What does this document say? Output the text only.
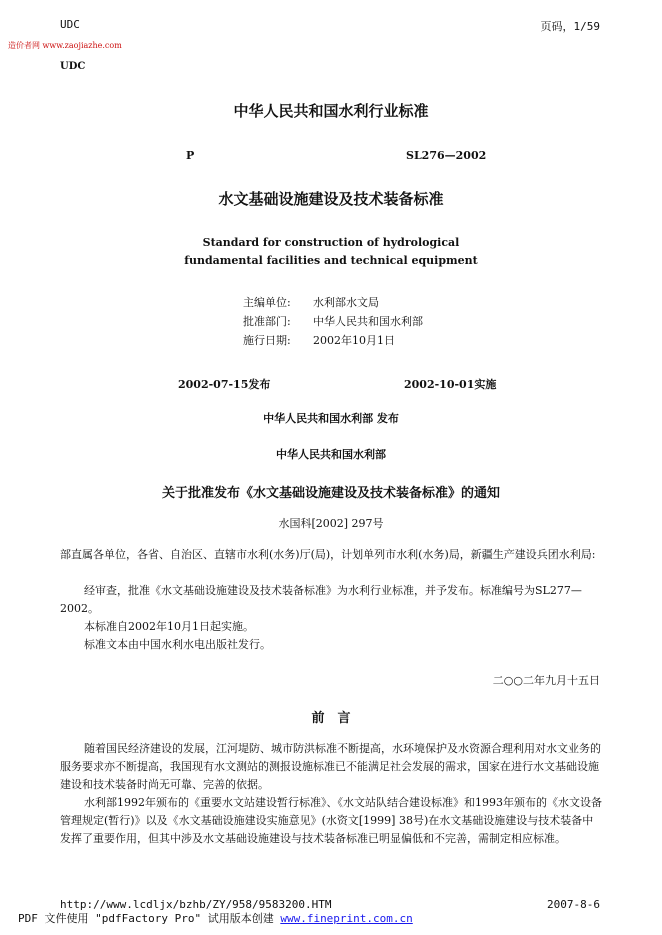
UDC	页码，1/59
造价者网 www.zaojiazhe.com
UDC
中华人民共和国水利行业标准
P	SL276—2002
水文基础设施建设及技术装备标准
Standard for construction of hydrological
fundamental facilities and technical equipment
主编单位: 水利部水文局
批准部门: 中华人民共和国水利部
施行日期: 2002年10月1日
2002-07-15发布	2002-10-01实施
中华人民共和国水利部 发布
中华人民共和国水利部
关于批准发布《水文基础设施建设及技术装备标准》的通知
水国科[2002] 297号
部直属各单位，各省、自治区、直辖市水利(水务)厅(局)，计划单列市水利(水务)局，新疆生产建设兵团水利局:
经审查，批准《水文基础设施建设及技术装备标准》为水利行业标准，并予发布。标准编号为SL277—2002。
本标准自2002年10月1日起实施。
标准文本由中国水利水电出版社发行。
二○○二年九月十五日
前　言
随着国民经济建设的发展，江河堤防、城市防洪标准不断提高，水环境保护及水资源合理利用对水文业务的服务要求亦不断提高，我国现有水文测站的测报设施标准已不能满足社会发展的需求，国家在进行水文基础设施建设和技术装备时尚无可靠、完善的依据。
水利部1992年颁布的《重要水文站建设暂行标准》、《水文站队结合建设标准》和1993年颁布的《水文设备管理规定(暂行)》以及《水文基础设施建设实施意见》(水资文[1999] 38号)在水文基础设施建设与技术装备中发挥了重要作用，但其中涉及水文基础设施建设与技术装备标准已明显偏低和不完善，需制定相应标准。
http://www.lcdljx/bzhb/ZY/958/9583200.HTM	2007-8-6
PDF 文件使用 "pdfFactory Pro" 试用版本创建 www.fineprint.com.cn
